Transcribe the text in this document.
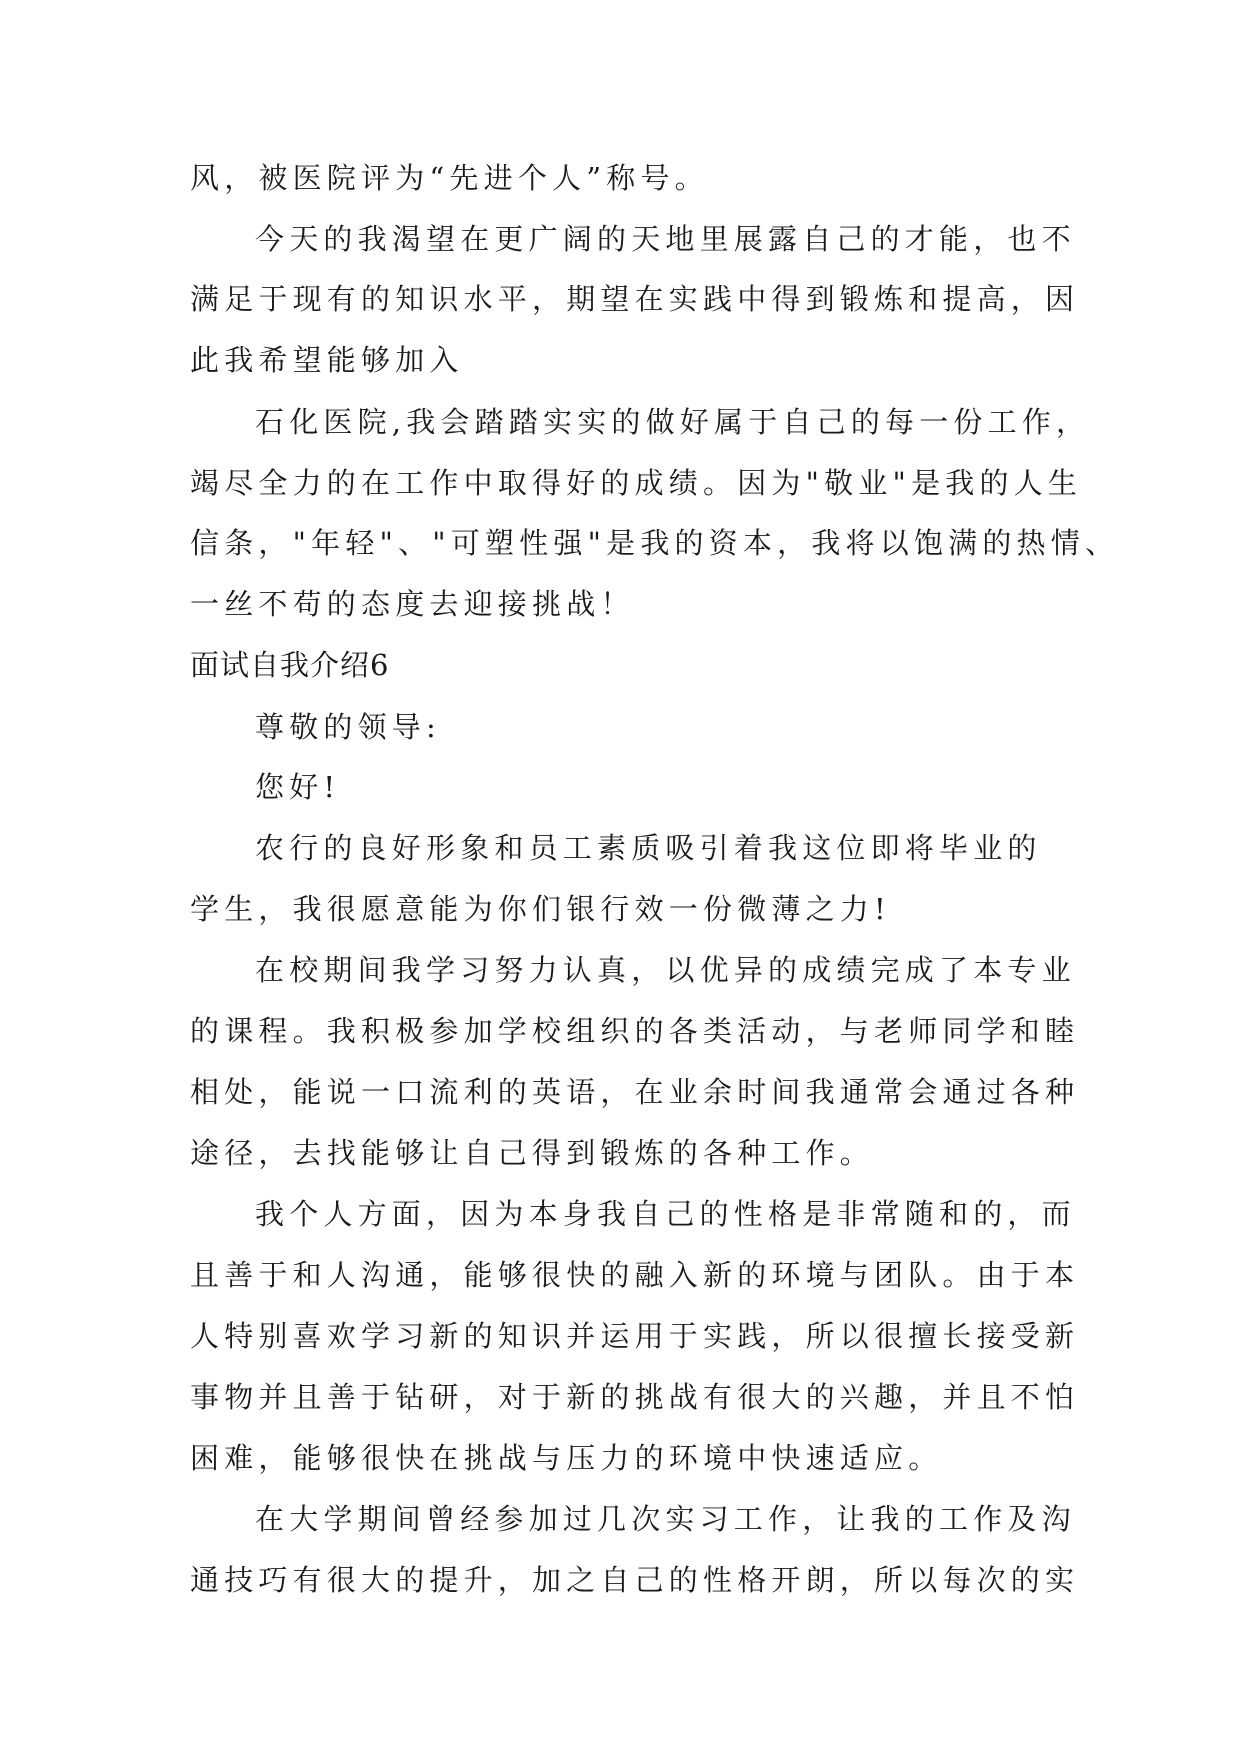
风，被医院评为“先进个人”称号。
今天的我渴望在更广阔的天地里展露自己的才能，也不
满足于现有的知识水平，期望在实践中得到锻炼和提高，因
此我希望能够加入
石化医院,我会踏踏实实的做好属于自己的每一份工作，
竭尽全力的在工作中取得好的成绩。因为"敬业"是我的人生
信条，"年轻"、"可塑性强"是我的资本，我将以饱满的热情、
一丝不苟的态度去迎接挑战！
面试自我介绍6
尊敬的领导:
您好!
农行的良好形象和员工素质吸引着我这位即将毕业的
学生，我很愿意能为你们银行效一份微薄之力!
在校期间我学习努力认真，以优异的成绩完成了本专业
的课程。我积极参加学校组织的各类活动，与老师同学和睦
相处，能说一口流利的英语，在业余时间我通常会通过各种
途径，去找能够让自己得到锻炼的各种工作。
我个人方面，因为本身我自己的性格是非常随和的，而
且善于和人沟通，能够很快的融入新的环境与团队。由于本
人特别喜欢学习新的知识并运用于实践，所以很擅长接受新
事物并且善于钻研，对于新的挑战有很大的兴趣，并且不怕
困难，能够很快在挑战与压力的环境中快速适应。
在大学期间曾经参加过几次实习工作，让我的工作及沟
通技巧有很大的提升，加之自己的性格开朗，所以每次的实
